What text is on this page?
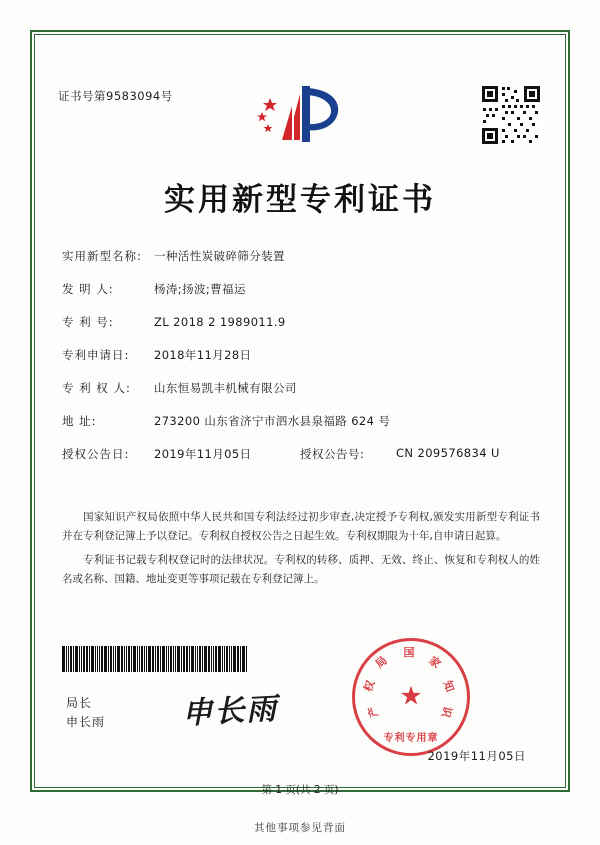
证书号第9583094号
实用新型专利证书
实用新型名称:	一种活性炭破碎筛分装置
发 明 人:	杨涛;扬波;曹福运
专 利 号:	ZL 2018 2 1989011.9
专利申请日:	2018年11月28日
专 利 权 人:	山东恒易凯丰机械有限公司
地 址:	273200 山东省济宁市泗水县泉福路 624 号
授权公告日:	2019年11月05日	授权公告号:	CN 209576834 U

国家知识产权局依照中华人民共和国专利法经过初步审查,决定授予专利权,颁发实用新型专利证书并在专利登记簿上予以登记。专利权自授权公告之日起生效。专利权期限为十年,自申请日起算。

专利证书记载专利权登记时的法律状况。专利权的转移、质押、无效、终止、恢复和专利权人的姓名或名称、国籍、地址变更等事项记载在专利登记簿上。

局长
申长雨	申长雨	★
国
家
知
识
产
权
局
专利专用章
2019年11月05日
第 1 页(共 2 页)
其他事项参见背面
